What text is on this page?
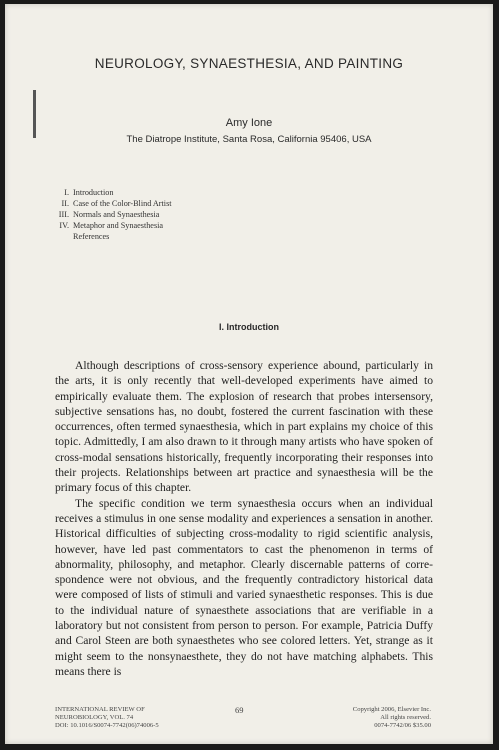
NEUROLOGY, SYNAESTHESIA, AND PAINTING
Amy Ione
The Diatrope Institute, Santa Rosa, California 95406, USA
I. Introduction
II. Case of the Color-Blind Artist
III. Normals and Synaesthesia
IV. Metaphor and Synaesthesia
References
I. Introduction

Although descriptions of cross-sensory experience abound, particularly in the arts, it is only recently that well-developed experiments have aimed to empirically evaluate them. The explosion of research that probes intersensory, subjective sensations has, no doubt, fostered the current fascination with these occurrences, often termed synaesthesia, which in part explains my choice of this topic. Admittedly, I am also drawn to it through many artists who have spoken of cross-modal sensations historically, frequently incorporating their responses into their projects. Relationships between art practice and synaesthesia will be the primary focus of this chapter.

The specific condition we term synaesthesia occurs when an individual receives a stimulus in one sense modality and experiences a sensation in another. Historical difficulties of subjecting cross-modality to rigid scientific analysis, however, have led past commentators to cast the phenomenon in terms of abnormality, philosophy, and metaphor. Clearly discernable patterns of corre-spondence were not obvious, and the frequently contradictory historical data were composed of lists of stimuli and varied synaesthetic responses. This is due to the individual nature of synaesthete associations that are verifiable in a laboratory but not consistent from person to person. For example, Patricia Duffy and Carol Steen are both synaesthetes who see colored letters. Yet, strange as it might seem to the nonsynaesthete, they do not have matching alphabets. This means there is

INTERNATIONAL REVIEW OF
NEUROBIOLOGY, VOL. 74
DOI: 10.1016/S0074-7742(06)74006-5
69	Copyright 2006, Elsevier Inc.
All rights reserved.
0074-7742/06 $35.00
